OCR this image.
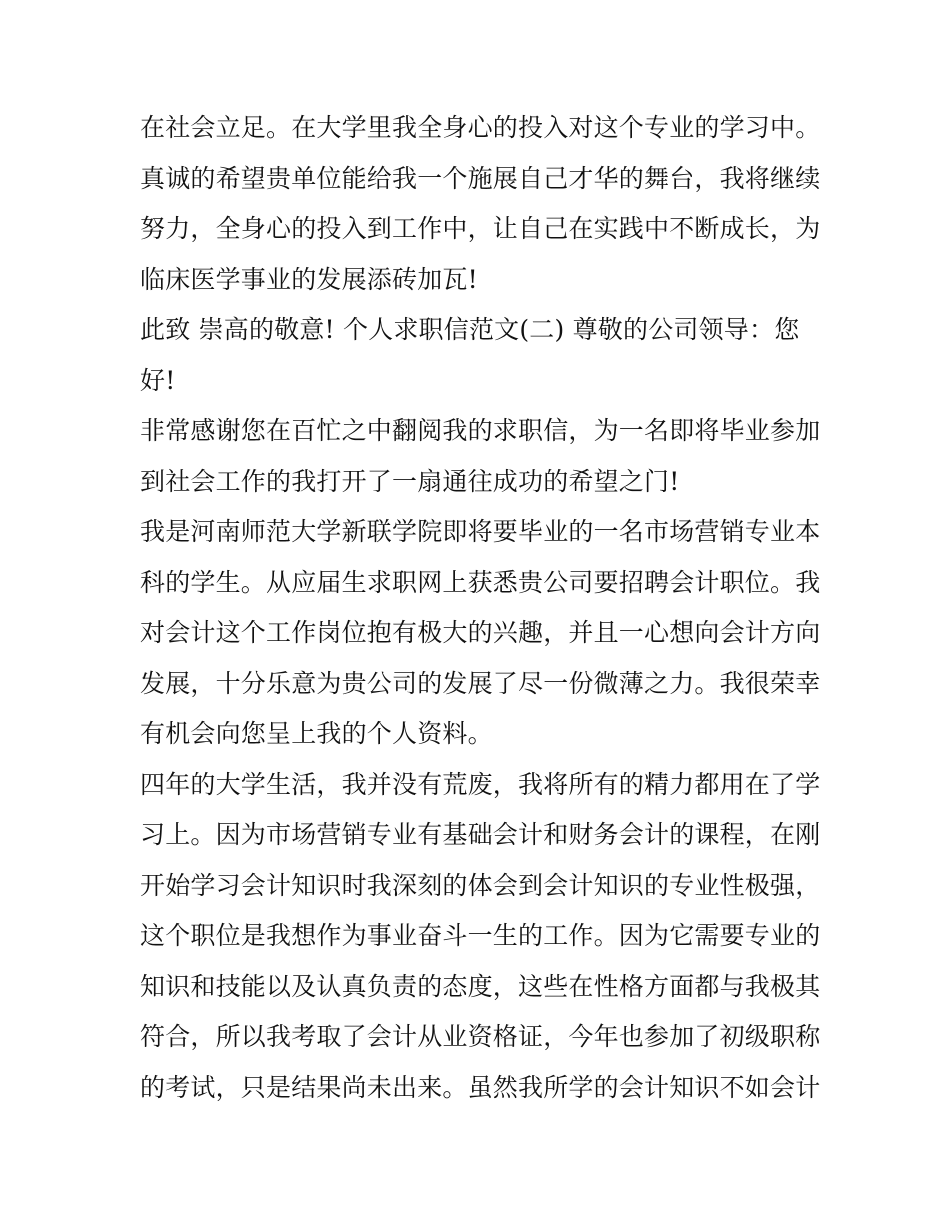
在社会立足。在大学里我全身心的投入对这个专业的学习中。
真诚的希望贵单位能给我一个施展自己才华的舞台，我将继续
努力，全身心的投入到工作中，让自己在实践中不断成长，为
临床医学事业的发展添砖加瓦!
此致 崇高的敬意! 个人求职信范文(二) 尊敬的公司领导：您
好!
非常感谢您在百忙之中翻阅我的求职信，为一名即将毕业参加
到社会工作的我打开了一扇通往成功的希望之门!
我是河南师范大学新联学院即将要毕业的一名市场营销专业本
科的学生。从应届生求职网上获悉贵公司要招聘会计职位。我
对会计这个工作岗位抱有极大的兴趣，并且一心想向会计方向
发展，十分乐意为贵公司的发展了尽一份微薄之力。我很荣幸
有机会向您呈上我的个人资料。
四年的大学生活，我并没有荒废，我将所有的精力都用在了学
习上。因为市场营销专业有基础会计和财务会计的课程，在刚
开始学习会计知识时我深刻的体会到会计知识的专业性极强，
这个职位是我想作为事业奋斗一生的工作。因为它需要专业的
知识和技能以及认真负责的态度，这些在性格方面都与我极其
符合，所以我考取了会计从业资格证，今年也参加了初级职称
的考试，只是结果尚未出来。虽然我所学的会计知识不如会计
